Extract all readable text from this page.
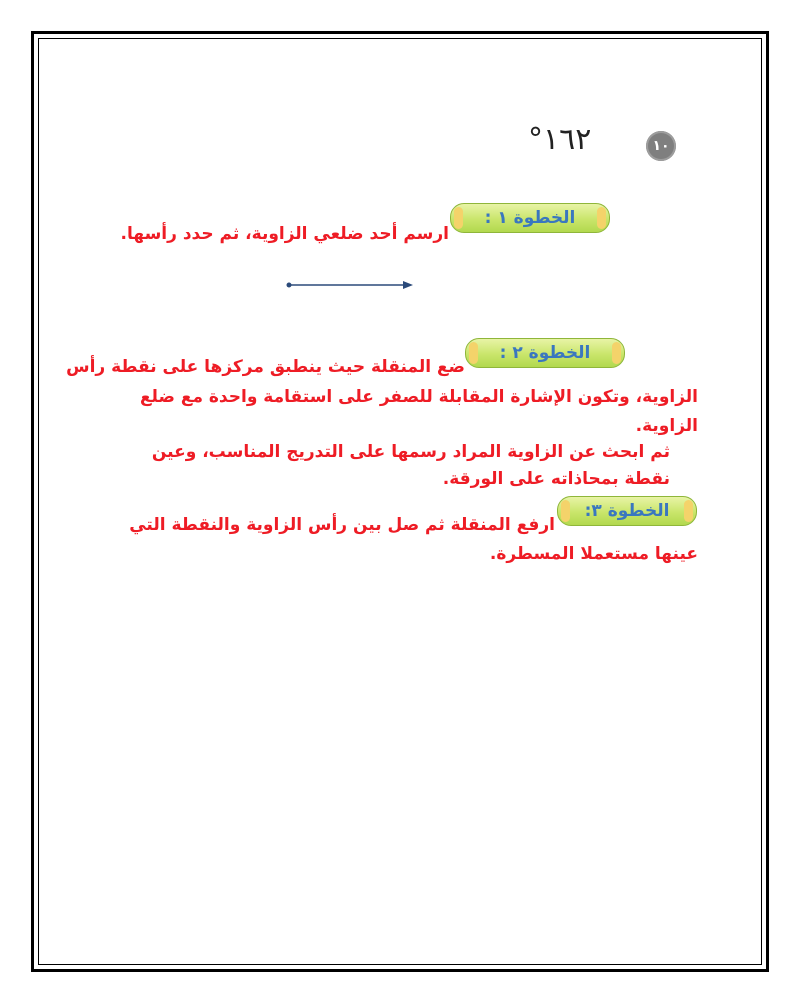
١٦٢°	١٠
الخطوة ١ :
ارسم أحد ضلعي الزاوية، ثم حدد رأسها.
الخطوة ٢ :
ضع المنقلة حيث ينطبق مركزها على نقطة رأس
الزاوية، وتكون الإشارة المقابلة للصفر على استقامة واحدة مع ضلع
الزاوية.
ثم ابحث عن الزاوية المراد رسمها على التدريج المناسب، وعين
نقطة بمحاذاته على الورقة.
الخطوة ٣:
ارفع المنقلة ثم صل بين رأس الزاوية والنقطة التي
عينها مستعملا المسطرة.
